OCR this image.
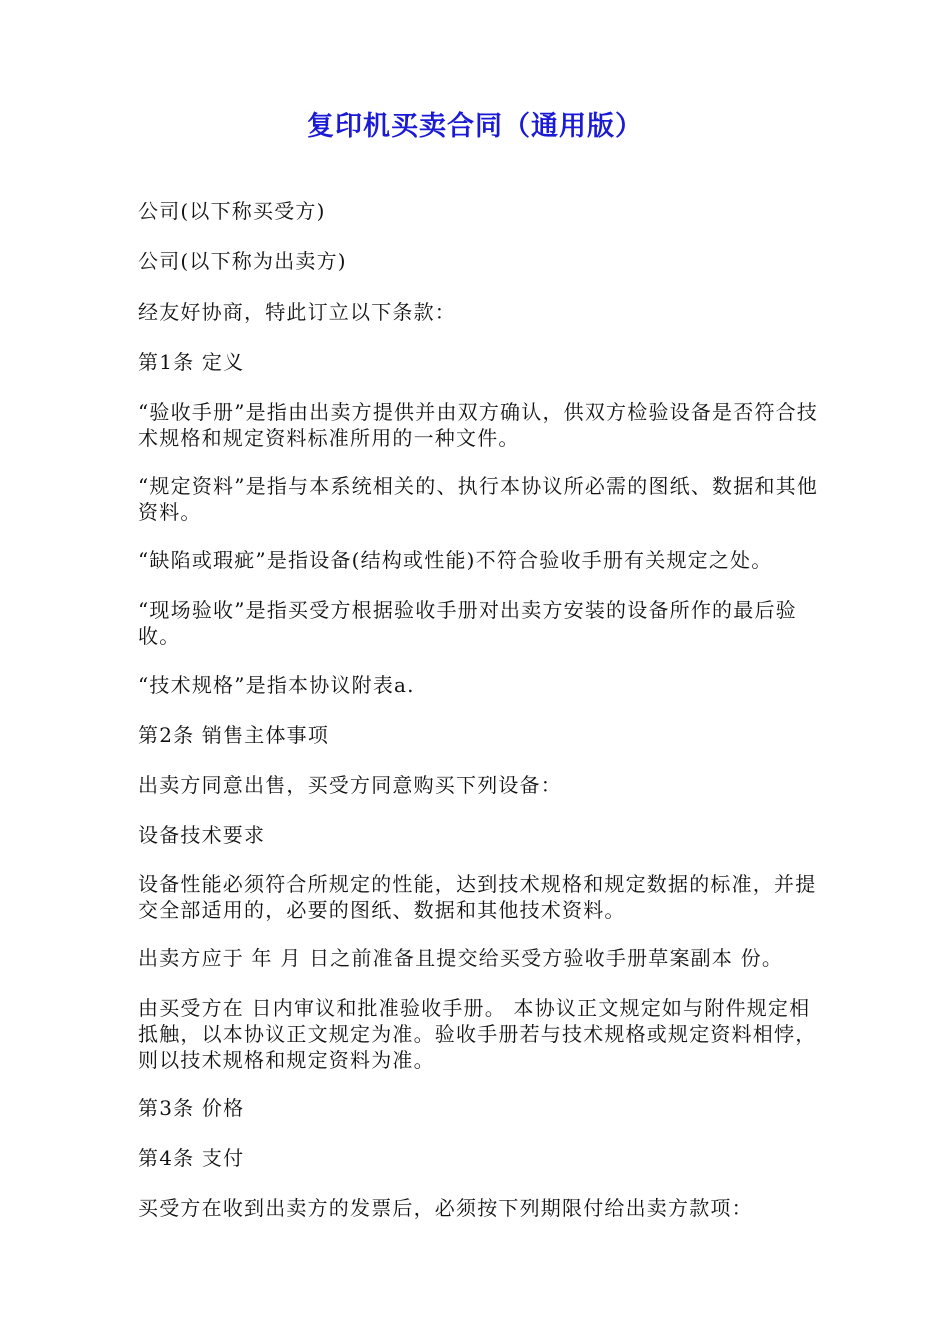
复印机买卖合同（通用版）
公司(以下称买受方)
公司(以下称为出卖方)
经友好协商，特此订立以下条款：
第1条 定义
“验收手册”是指由出卖方提供并由双方确认，供双方检验设备是否符合技术规格和规定资料标准所用的一种文件。
“规定资料”是指与本系统相关的、执行本协议所必需的图纸、数据和其他资料。
“缺陷或瑕疵”是指设备(结构或性能)不符合验收手册有关规定之处。
“现场验收”是指买受方根据验收手册对出卖方安装的设备所作的最后验收。
“技术规格”是指本协议附表a.
第2条 销售主体事项
出卖方同意出售，买受方同意购买下列设备：
设备技术要求
设备性能必须符合所规定的性能，达到技术规格和规定数据的标准，并提交全部适用的，必要的图纸、数据和其他技术资料。
出卖方应于 年 月 日之前准备且提交给买受方验收手册草案副本 份。
由买受方在 日内审议和批准验收手册。 本协议正文规定如与附件规定相抵触，以本协议正文规定为准。验收手册若与技术规格或规定资料相悖，则以技术规格和规定资料为准。
第3条 价格
第4条 支付
买受方在收到出卖方的发票后，必须按下列期限付给出卖方款项：
